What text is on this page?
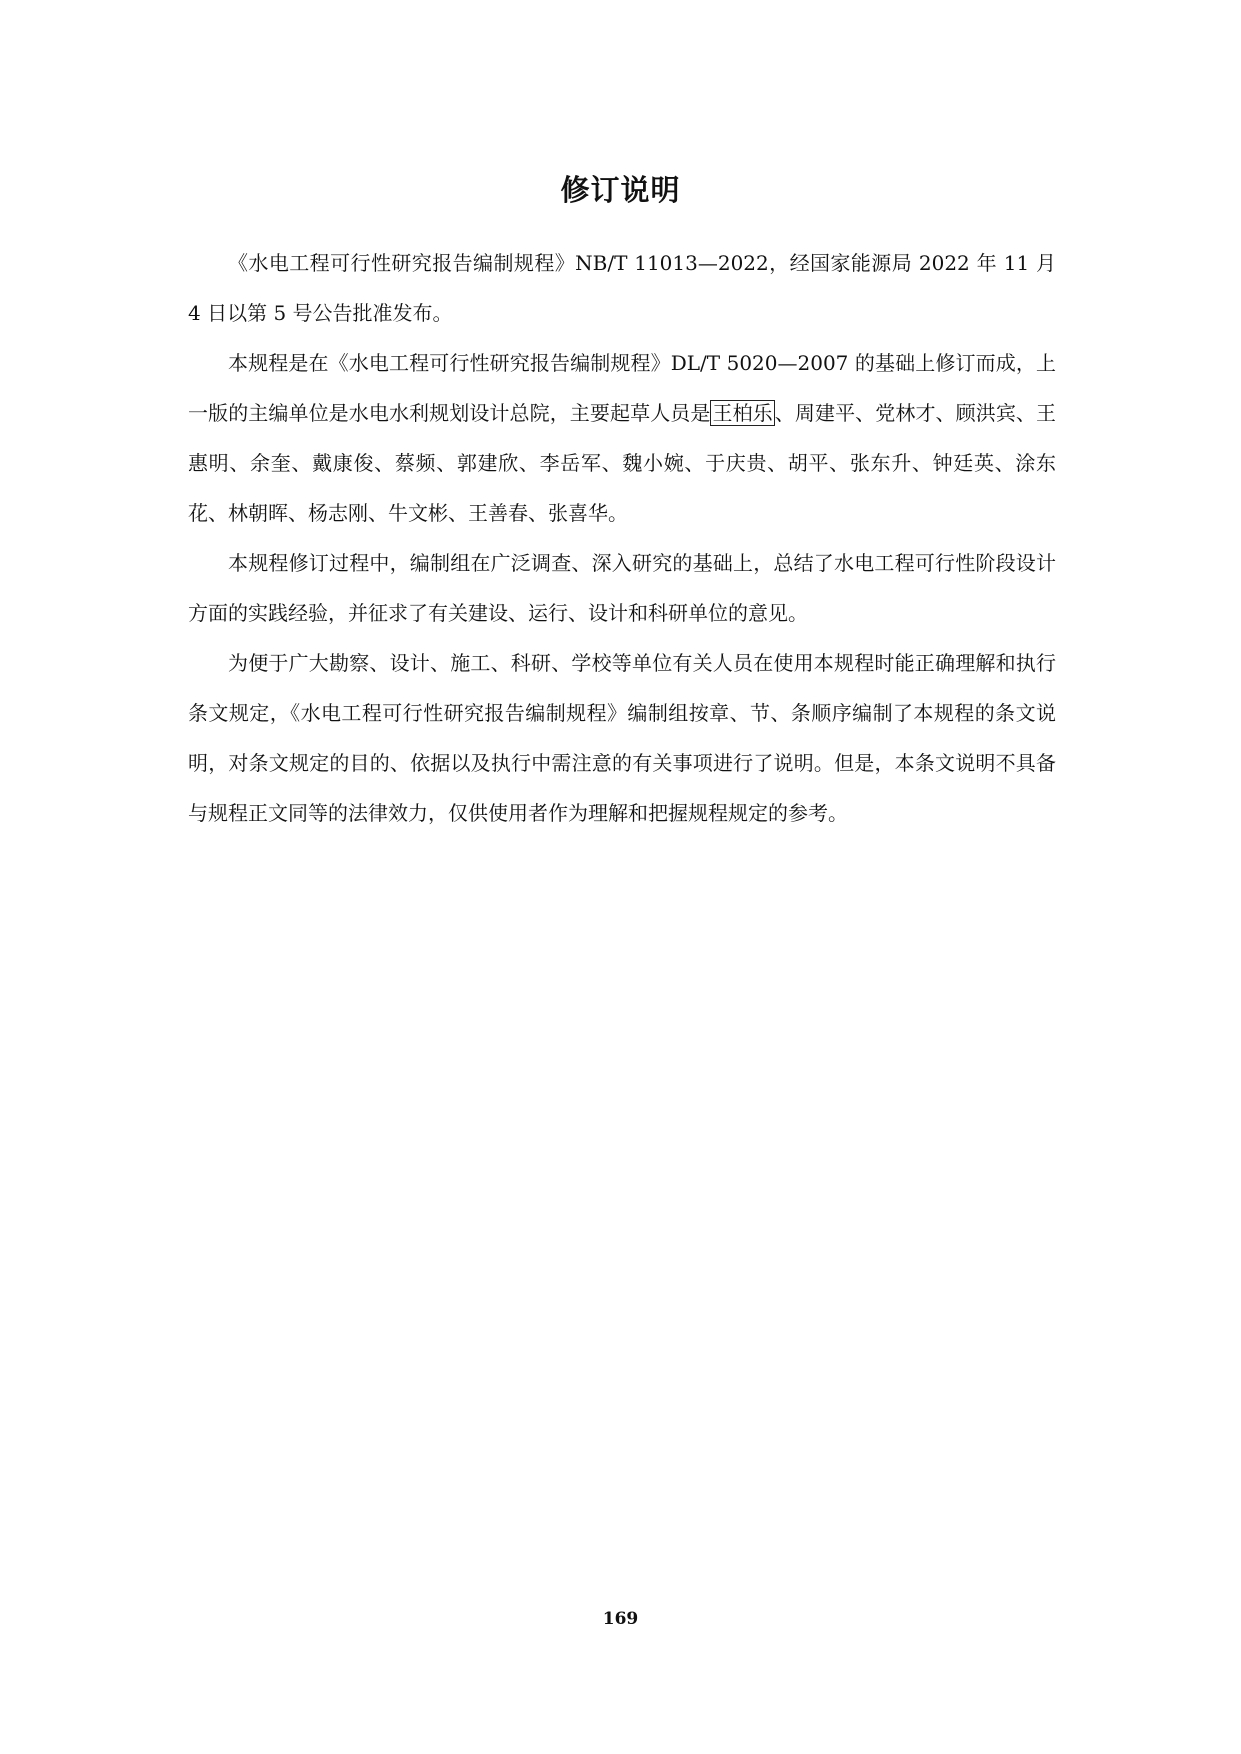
修订说明

《水电工程可行性研究报告编制规程》NB/T 11013—2022，经国家能源局 2022 年 11 月 4 日以第 5 号公告批准发布。

本规程是在《水电工程可行性研究报告编制规程》DL/T 5020—2007 的基础上修订而成，上一版的主编单位是水电水利规划设计总院，主要起草人员是 王柏乐 、周建平、党林才、顾洪宾、王惠明、余奎、戴康俊、蔡频、郭建欣、李岳军、魏小婉、于庆贵、胡平、张东升、钟廷英、涂东花、林朝晖、杨志刚、牛文彬、王善春、张喜华。

本规程修订过程中，编制组在广泛调查、深入研究的基础上，总结了水电工程可行性阶段设计方面的实践经验，并征求了有关建设、运行、设计和科研单位的意见。

为便于广大勘察、设计、施工、科研、学校等单位有关人员在使用本规程时能正确理解和执行条文规定，《水电工程可行性研究报告编制规程》编制组按章、节、条顺序编制了本规程的条文说明，对条文规定的目的、依据以及执行中需注意的有关事项进行了说明。但是，本条文说明不具备与规程正文同等的法律效力，仅供使用者作为理解和把握规程规定的参考。

169
